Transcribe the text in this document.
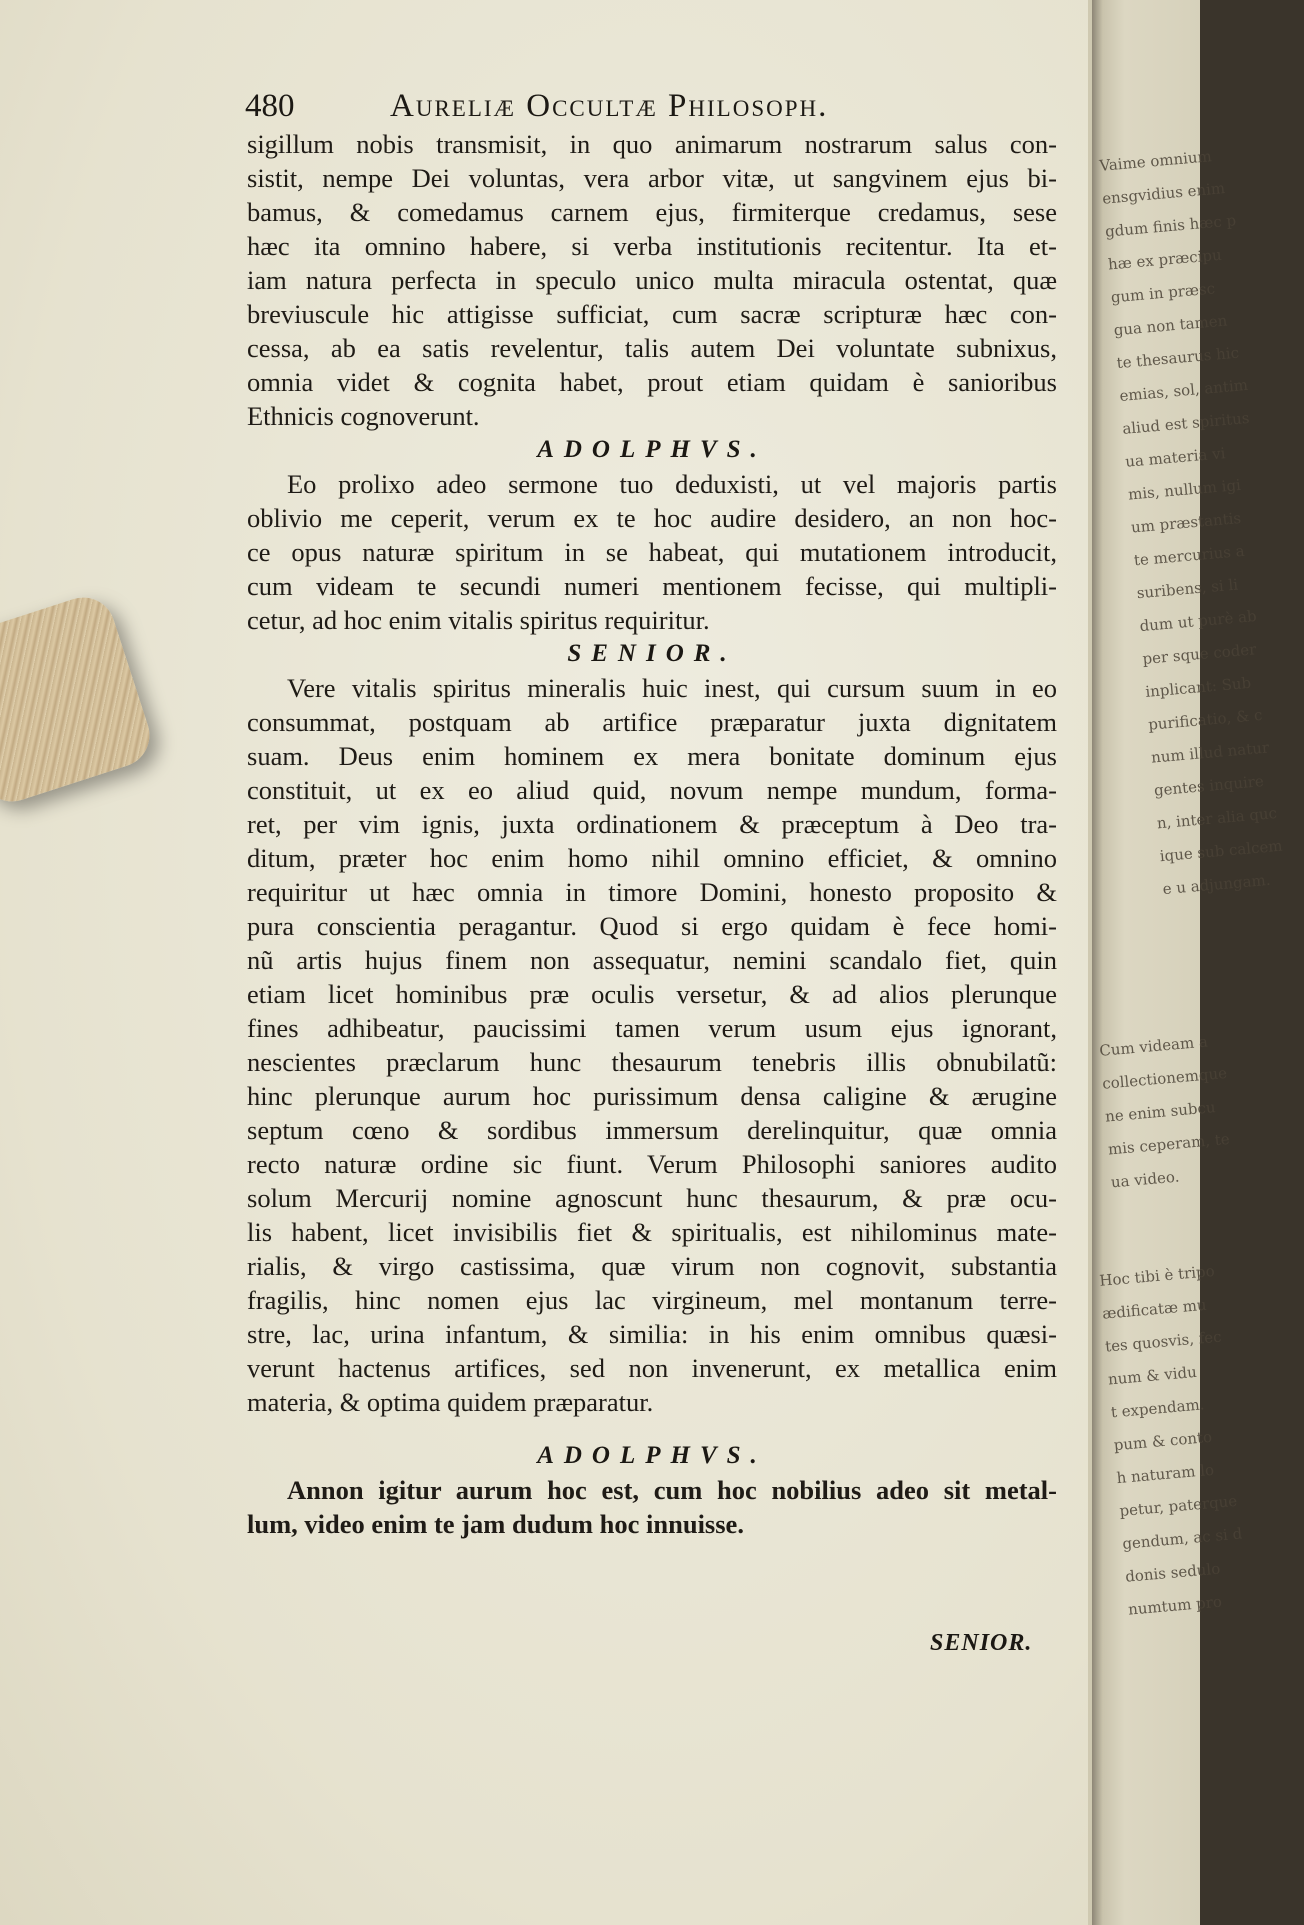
480	Aureliæ Occultæ Philosoph.
sigillum nobis transmisit, in quo animarum nostrarum salus con-
sistit, nempe Dei voluntas, vera arbor vitæ, ut sangvinem ejus bi-
bamus, & comedamus carnem ejus, firmiterque credamus, sese
hæc ita omnino habere, si verba institutionis recitentur. Ita et-
iam natura perfecta in speculo unico multa miracula ostentat, quæ
breviuscule hic attigisse sufficiat, cum sacræ scripturæ hæc con-
cessa, ab ea satis revelentur, talis autem Dei voluntate subnixus,
omnia videt & cognita habet, prout etiam quidam è sanioribus
Ethnicis cognoverunt.
ADOLPHVS.
Eo prolixo adeo sermone tuo deduxisti, ut vel majoris partis
oblivio me ceperit, verum ex te hoc audire desidero, an non hoc-
ce opus naturæ spiritum in se habeat, qui mutationem introducit,
cum videam te secundi numeri mentionem fecisse, qui multipli-
cetur, ad hoc enim vitalis spiritus requiritur.
SENIOR.
Vere vitalis spiritus mineralis huic inest, qui cursum suum in eo
consummat, postquam ab artifice præparatur juxta dignitatem
suam. Deus enim hominem ex mera bonitate dominum ejus
constituit, ut ex eo aliud quid, novum nempe mundum, forma-
ret, per vim ignis, juxta ordinationem & præceptum à Deo tra-
ditum, præter hoc enim homo nihil omnino efficiet, & omnino
requiritur ut hæc omnia in timore Domini, honesto proposito &
pura conscientia peragantur. Quod si ergo quidam è fece homi-
nũ artis hujus finem non assequatur, nemini scandalo fiet, quin
etiam licet hominibus præ oculis versetur, & ad alios plerunque
fines adhibeatur, paucissimi tamen verum usum ejus ignorant,
nescientes præclarum hunc thesaurum tenebris illis obnubilatũ:
hinc plerunque aurum hoc purissimum densa caligine & ærugine
septum cœno & sordibus immersum derelinquitur, quæ omnia
recto naturæ ordine sic fiunt. Verum Philosophi saniores audito
solum Mercurij nomine agnoscunt hunc thesaurum, & præ ocu-
lis habent, licet invisibilis fiet & spiritualis, est nihilominus mate-
rialis, & virgo castissima, quæ virum non cognovit, substantia
fragilis, hinc nomen ejus lac virgineum, mel montanum terre-
stre, lac, urina infantum, & similia: in his enim omnibus quæsi-
verunt hactenus artifices, sed non invenerunt, ex metallica enim
materia, & optima quidem præparatur.
ADOLPHVS.
Annon igitur aurum hoc est, cum hoc nobilius adeo sit metal-
lum, video enim te jam dudum hoc innuisse.
SENIOR.
Vaime omnium
ensgvidius enim
gdum finis hæc p
hæ ex præcipu
gum in præsc
gua non tamen
te thesaurus hic
emias, sol, antim
aliud est spiritus
ua materia vi
mis, nullum igi
um præstantis
te mercurius a
suribens, si li
dum ut purè ab
per sque coder
inplicant: Sub
purificatio, & c
num illud natur
gentes inquire
n, inter alia quc
ique sub calcem
e u adjungam.
Cum videam a
collectionemque
ne enim subcu
mis ceperam, te
ua video.
Hoc tibi è tripo
ædificatæ mu
tes quosvis, fec
num & vidu
t expendam.
pum & conto
h naturam lo
petur, paterque
gendum, ac si d
donis sedulo
numtum pro
